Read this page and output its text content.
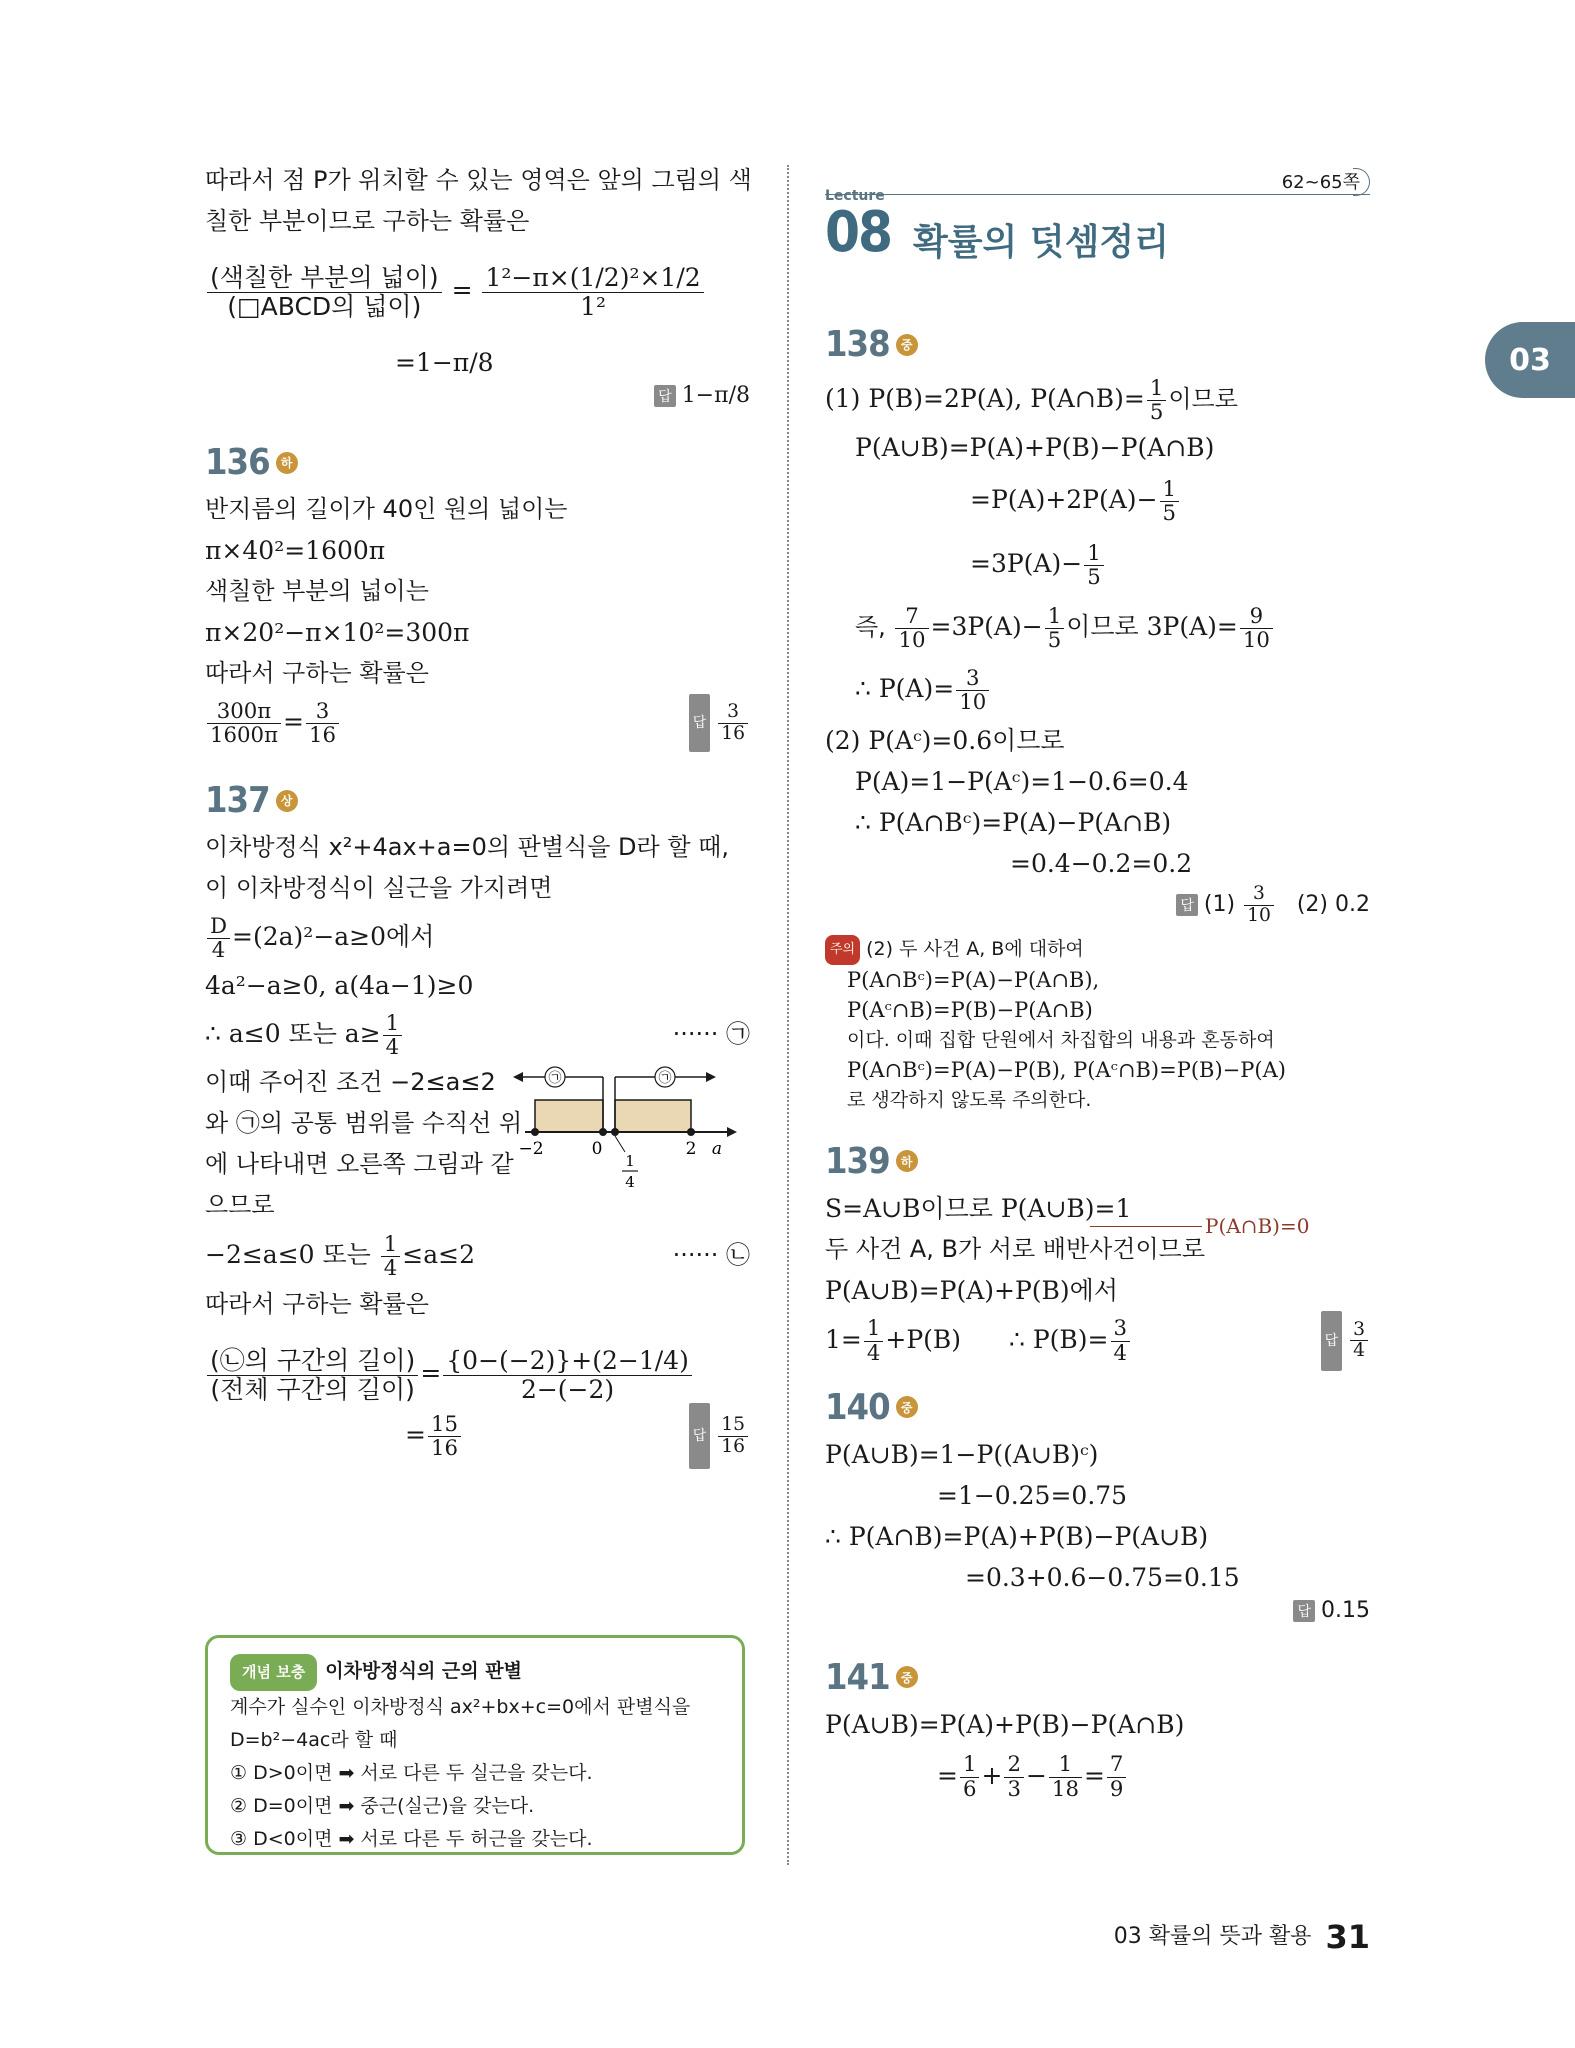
03
따라서 점 P가 위치할 수 있는 영역은 앞의 그림의 색
칠한 부분이므로 구하는 확률은
$\frac{\text{(색칠한 부분의 넓이)}}{\text{(□ABCD의 넓이)}} = \frac{\text{1²−π×(1/2)²×1/2}}{\text{1²}}$
=1−π/8
답 1−π/8
136 하
반지름의 길이가 40인 원의 넓이는
π×40²=1600π
색칠한 부분의 넓이는
π×20²−π×10²=300π
따라서 구하는 확률은
$\frac{300\pi}{1600\pi} = \frac{3}{16}$	답 $\frac{3}{16}$
137 상
이차방정식 x²+4ax+a=0의 판별식을 D라 할 때,
이 이차방정식이 실근을 가지려면
$\frac{D}{4} =(2a)^2-a\ge 0$에서
4a²−a≥0, a(4a−1)≥0
∴ a≤0 또는 $a\ge \frac{1}{4}$	······ ㉠
이때 주어진 조건 −2≤a≤2
와 ㉠의 공통 범위를 수직선 위
에 나타내면 오른쪽 그림과 같
으므로
㉠	㉠
−2	0	2 a
1
4
−2≤a≤0 또는 $\frac{1}{4} \le a\le 2$	······ ㉡
따라서 구하는 확률은
$\frac{\text{(㉡의 구간의 길이)}}{\text{(전체 구간의 길이)}} = \frac{\{0-(-2)\}+(2-1/4)}{2-(-2)}$
= $\frac{15}{16}$	답 $\frac{15}{16}$
개념 보충 이차방정식의 근의 판별
계수가 실수인 이차방정식 ax²+bx+c=0에서 판별식을
D=b²−4ac라 할 때
① D>0이면 ➡ 서로 다른 두 실근을 갖는다.
② D=0이면 ➡ 중근(실근)을 갖는다.
③ D<0이면 ➡ 서로 다른 두 허근을 갖는다.
62~65쪽
Lecture
08 확률의 덧셈정리
138 중
(1) P(B)=2P(A), P(A∩B)= $\frac{1}{5}$ 이므로
P(A∪B)=P(A)+P(B)−P(A∩B)
$=P(A)+2P(A)- \frac{1}{5}$
$=3P(A)- \frac{1}{5}$
즉, $\frac{7}{10} =3P(A)- \frac{1}{5}$ 이므로 $3P(A)= \frac{9}{10}$
∴ $P(A)= \frac{3}{10}$
(2) P(Aᶜ)=0.6이므로
P(A)=1−P(Aᶜ)=1−0.6=0.4
∴ P(A∩Bᶜ)=P(A)−P(A∩B)
=0.4−0.2=0.2
답 $(1) \frac{3}{10} (2)$ 0.2
주의 (2) 두 사건 A, B에 대하여
P(A∩Bᶜ)=P(A)−P(A∩B),
P(Aᶜ∩B)=P(B)−P(A∩B)
이다. 이때 집합 단원에서 차집합의 내용과 혼동하여
P(A∩Bᶜ)=P(A)−P(B), P(Aᶜ∩B)=P(B)−P(A)
로 생각하지 않도록 주의한다.
139 하
S=A∪B이므로 P(A∪B)=1
P(A∩B)=0
두 사건 A, B가 서로 배반사건이므로
P(A∪B)=P(A)+P(B)에서
$1= \frac{1}{4} +P(B)$ ∴ $P(B)= \frac{3}{4}$	답 $\frac{3}{4}$
140 중
P(A∪B)=1−P((A∪B)ᶜ)
=1−0.25=0.75
∴ P(A∩B)=P(A)+P(B)−P(A∪B)
=0.3+0.6−0.75=0.15
답 0.15
141 중
P(A∪B)=P(A)+P(B)−P(A∩B)
= $\frac{1}{6} + \frac{2}{3} - \frac{1}{18} = \frac{7}{9}$
03 확률의 뜻과 활용 31
